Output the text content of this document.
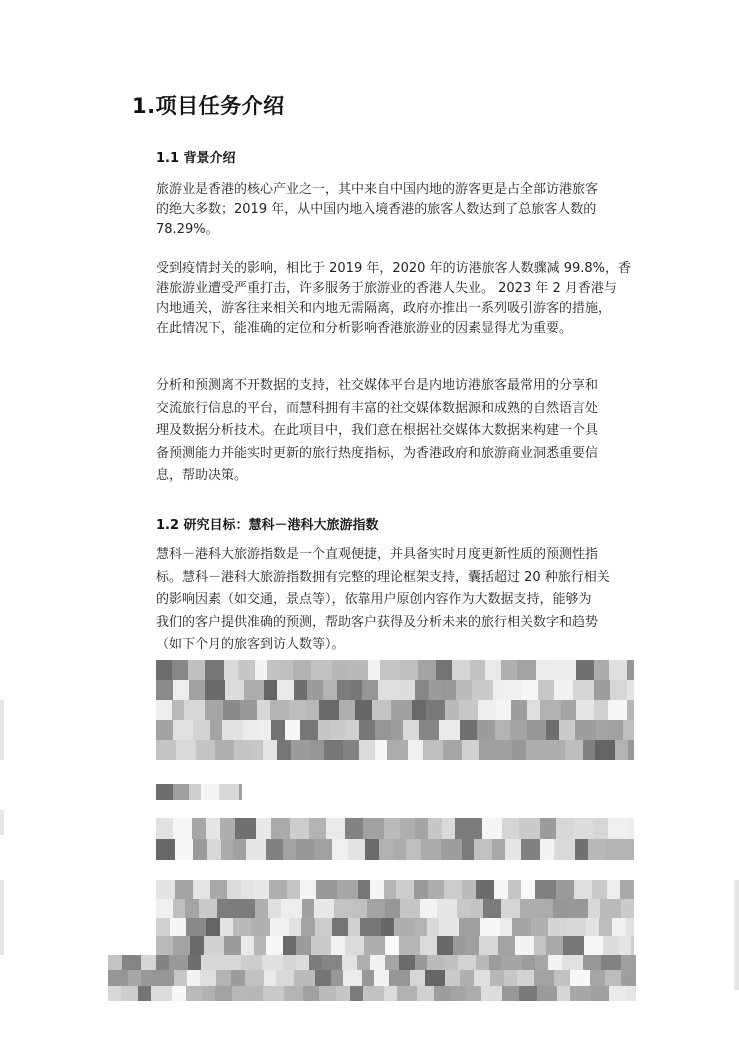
1.项目任务介绍
1.1 背景介绍

旅游业是香港的核心产业之一，其中来自中国内地的游客更是占全部访港旅客
的绝大多数；2019 年，从中国内地入境香港的旅客人数达到了总旅客人数的
78.29%。

受到疫情封关的影响，相比于 2019 年，2020 年的访港旅客人数骤减 99.8%，香
港旅游业遭受严重打击，许多服务于旅游业的香港人失业。 2023 年 2 月香港与
内地通关，游客往来相关和内地无需隔离，政府亦推出一系列吸引游客的措施，
在此情况下，能准确的定位和分析影响香港旅游业的因素显得尤为重要。

分析和预测离不开数据的支持，社交媒体平台是内地访港旅客最常用的分享和
交流旅行信息的平台，而慧科拥有丰富的社交媒体数据源和成熟的自然语言处
理及数据分析技术。在此项目中，我们意在根据社交媒体大数据来构建一个具
备预测能力并能实时更新的旅行热度指标，为香港政府和旅游商业洞悉重要信
息，帮助决策。

1.2 研究目标：慧科－港科大旅游指数

慧科－港科大旅游指数是一个直观便捷，并具备实时月度更新性质的预测性指
标。慧科－港科大旅游指数拥有完整的理论框架支持，囊括超过 20 种旅行相关
的影响因素（如交通，景点等），依靠用户原创内容作为大数据支持，能够为
我们的客户提供准确的预测，帮助客户获得及分析未来的旅行相关数字和趋势
（如下个月的旅客到访人数等）。
